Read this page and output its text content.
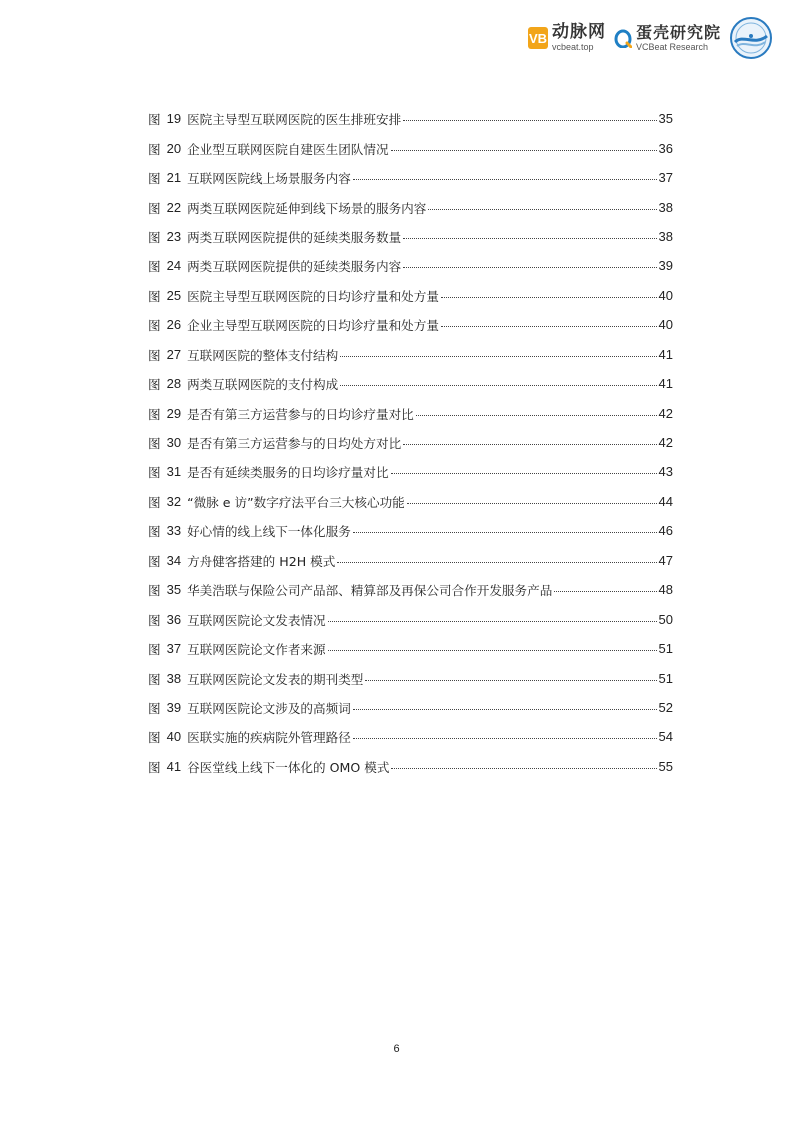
VB 动脉网
vcbeat.top
蛋壳研究院
VCBeat Research
图 19 医院主导型互联网医院的医生排班安排	35
图 20 企业型互联网医院自建医生团队情况	36
图 21 互联网医院线上场景服务内容	37
图 22 两类互联网医院延伸到线下场景的服务内容	38
图 23 两类互联网医院提供的延续类服务数量	38
图 24 两类互联网医院提供的延续类服务内容	39
图 25 医院主导型互联网医院的日均诊疗量和处方量	40
图 26 企业主导型互联网医院的日均诊疗量和处方量	40
图 27 互联网医院的整体支付结构	41
图 28 两类互联网医院的支付构成	41
图 29 是否有第三方运营参与的日均诊疗量对比	42
图 30 是否有第三方运营参与的日均处方对比	42
图 31 是否有延续类服务的日均诊疗量对比	43
图 32 “微脉 e 访”数字疗法平台三大核心功能	44
图 33 好心情的线上线下一体化服务	46
图 34 方舟健客搭建的 H2H 模式	47
图 35 华美浩联与保险公司产品部、精算部及再保公司合作开发服务产品	48
图 36 互联网医院论文发表情况	50
图 37 互联网医院论文作者来源	51
图 38 互联网医院论文发表的期刊类型	51
图 39 互联网医院论文涉及的高频词	52
图 40 医联实施的疾病院外管理路径	54
图 41 谷医堂线上线下一体化的 OMO 模式	55
6
